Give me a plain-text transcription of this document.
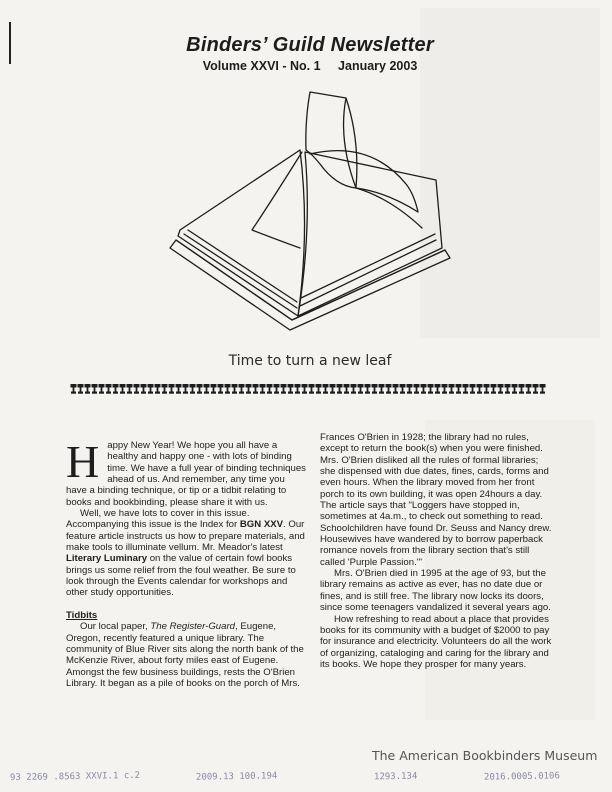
Binders’ Guild Newsletter
Volume XXVI - No. 1 January 2003
Time to turn a new leaf

Happy New Year! We hope you all have a healthy and happy one - with lots of binding time. We have a full year of binding techniques ahead of us. And remember, any time you have a binding technique, or tip or a tidbit relating to books and bookbinding, please share it with us.

Well, we have lots to cover in this issue. Accompanying this issue is the Index for BGN XXV. Our feature article instructs us how to prepare materials, and make tools to illuminate vellum. Mr. Meador's latest Literary Luminary on the value of certain fowl books brings us some relief from the foul weather. Be sure to look through the Events calendar for workshops and other study opportunities.

Tidbits

Our local paper, The Register-Guard, Eugene, Oregon, recently featured a unique library. The community of Blue River sits along the north bank of the McKenzie River, about forty miles east of Eugene. Amongst the few business buildings, rests the O'Brien Library. It began as a pile of books on the porch of Mrs.

Frances O'Brien in 1928; the library had no rules, except to return the book(s) when you were finished. Mrs. O'Brien disliked all the rules of formal libraries; she dispensed with due dates, fines, cards, forms and even hours. When the library moved from her front porch to its own building, it was open 24hours a day. The article says that "Loggers have stopped in, sometimes at 4a.m., to check out something to read. Schoolchildren have found Dr. Seuss and Nancy drew. Housewives have wandered by to borrow paperback romance novels from the library section that's still called 'Purple Passion.'"

Mrs. O'Brien died in 1995 at the age of 93, but the library remains as active as ever, has no date due or fines, and is still free. The library now locks its doors, since some teenagers vandalized it several years ago.

How refreshing to read about a place that provides books for its community with a budget of $2000 to pay for insurance and electricity. Volunteers do all the work of organizing, cataloging and caring for the library and its books. We hope they prosper for many years.

The American Bookbinders Museum
93 2269 .8563 XXVI.1 c.2	2009.13 100.194	1293.134	2016.0005.0106
